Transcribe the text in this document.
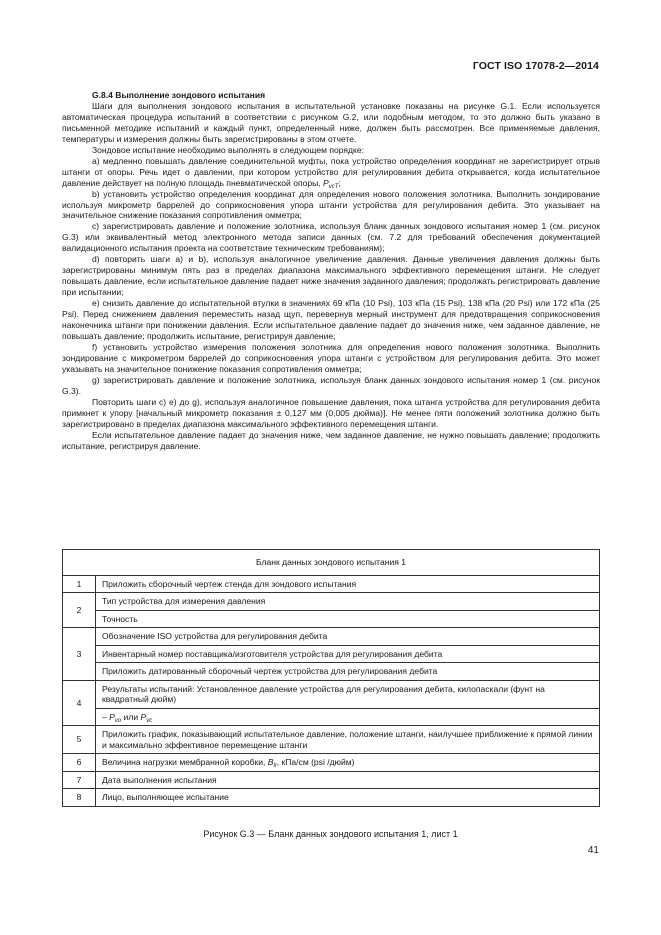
ГОСТ ISO 17078-2—2014
G.8.4 Выполнение зондового испытания

Шаги для выполнения зондового испытания в испытательной установке показаны на рисунке G.1. Если используется автоматическая процедура испытаний в соответствии с рисунком G.2, или подобным методом, то это должно быть указано в письменной методике испытаний и каждый пункт, определенный ниже, должен быть рассмотрен. Все применяемые давления, температуры и измерения должны быть зарегистрированы в этом отчете.

Зондовое испытание необходимо выполнять в следующем порядке:

а) медленно повышать давление соединительной муфты, пока устройство определения координат не зарегистрирует отрыв штанги от опоры. Речь идет о давлении, при котором устройство для регулирования дебита открывается, когда испытательное давление действует на полную площадь пневматической опоры, $P_{vcT}$;

b) установить устройство определения координат для определения нового положения золотника. Выполнить зондирование используя микрометр баррелей до соприкосновения упора штанги устройства для регулирования дебита. Это указывает на значительное снижение показания сопротивления омметра;

с) зарегистрировать давление и положение золотника, используя бланк данных зондового испытания номер 1 (см. рисунок G.3) или эквивалентный метод электронного метода записи данных (см. 7.2 для требований обеспечения документацией валидационного испытания проекта на соответствие техническим требованиям);

d) повторить шаги а) и b), используя аналогичное увеличение давления. Данные увеличения давления должны быть зарегистрированы минимум пять раз в пределах диапазона максимального эффективного перемещения штанги. Не следует повышать давление, если испытательное давление падает ниже значения заданного давления; продолжать регистрировать давление при испытании;

е) снизить давление до испытательной втулки в значениях 69 кПа (10 Psi), 103 кПа (15 Psi), 138 кПа (20 Psi) или 172 кПа (25 Psi). Перед снижением давления переместить назад щуп, перевернув мерный инструмент для предотвращения соприкосновения наконечника штанги при понижении давления. Если испытательное давление падает до значения ниже, чем заданное давление, не повышать давление; продолжить испытание, регистрируя давление;

f) установить устройство измерения положения золотника для определения нового положения золотника. Выполнить зондирование с микрометром баррелей до соприкосновения упора штанги с устройством для регулирования дебита. Это может указывать на значительное понижение показания сопротивления омметра;

g) зарегистрировать давление и положение золотника, используя бланк данных зондового испытания номер 1 (см. рисунок G.3).

Повторить шаги с) е) до g), используя аналогичное повышение давления, пока штанга устройства для регулирования дебита примкнет к упору [начальный микрометр показания ± 0,127 мм (0,005 дюйма)]. Не менее пяти положений золотника должно быть зарегистрировано в пределах диапазона максимального эффективного перемещения штанги.

Если испытательное давление падает до значения ниже, чем заданное давление, не нужно повышать давление; продолжить испытание, регистрируя давление.

Бланк данных зондового испытания 1	
1	Приложить сборочный чертеж стенда для зондового испытания
2	Тип устройства для измерения давления
	Точность
3	Обозначение ISO устройства для регулирования дебита
	Инвентарный номер поставщика/изготовителя устройства для регулирования дебита
	Приложить датированный сборочный чертеж устройства для регулирования дебита
4	Результаты испытаний: Установленное давление устройства для регулирования дебита, килопаскали (фунт на квадратный дюйм)
	– $P_{vo}$ или $P_{vc}$
5	Приложить график, показывающий испытательное давление, положение штанги, наилучшее приближение к прямой линии и максимально эффективное перемещение штанги
6	Величина нагрузки мембранной коробки, $B_{lr}$, кПа/см (psi /дюйм)
7	Дата выполнения испытания
8	Лицо, выполняющее испытание
Рисунок G.3 — Бланк данных зондового испытания 1, лист 1
41
